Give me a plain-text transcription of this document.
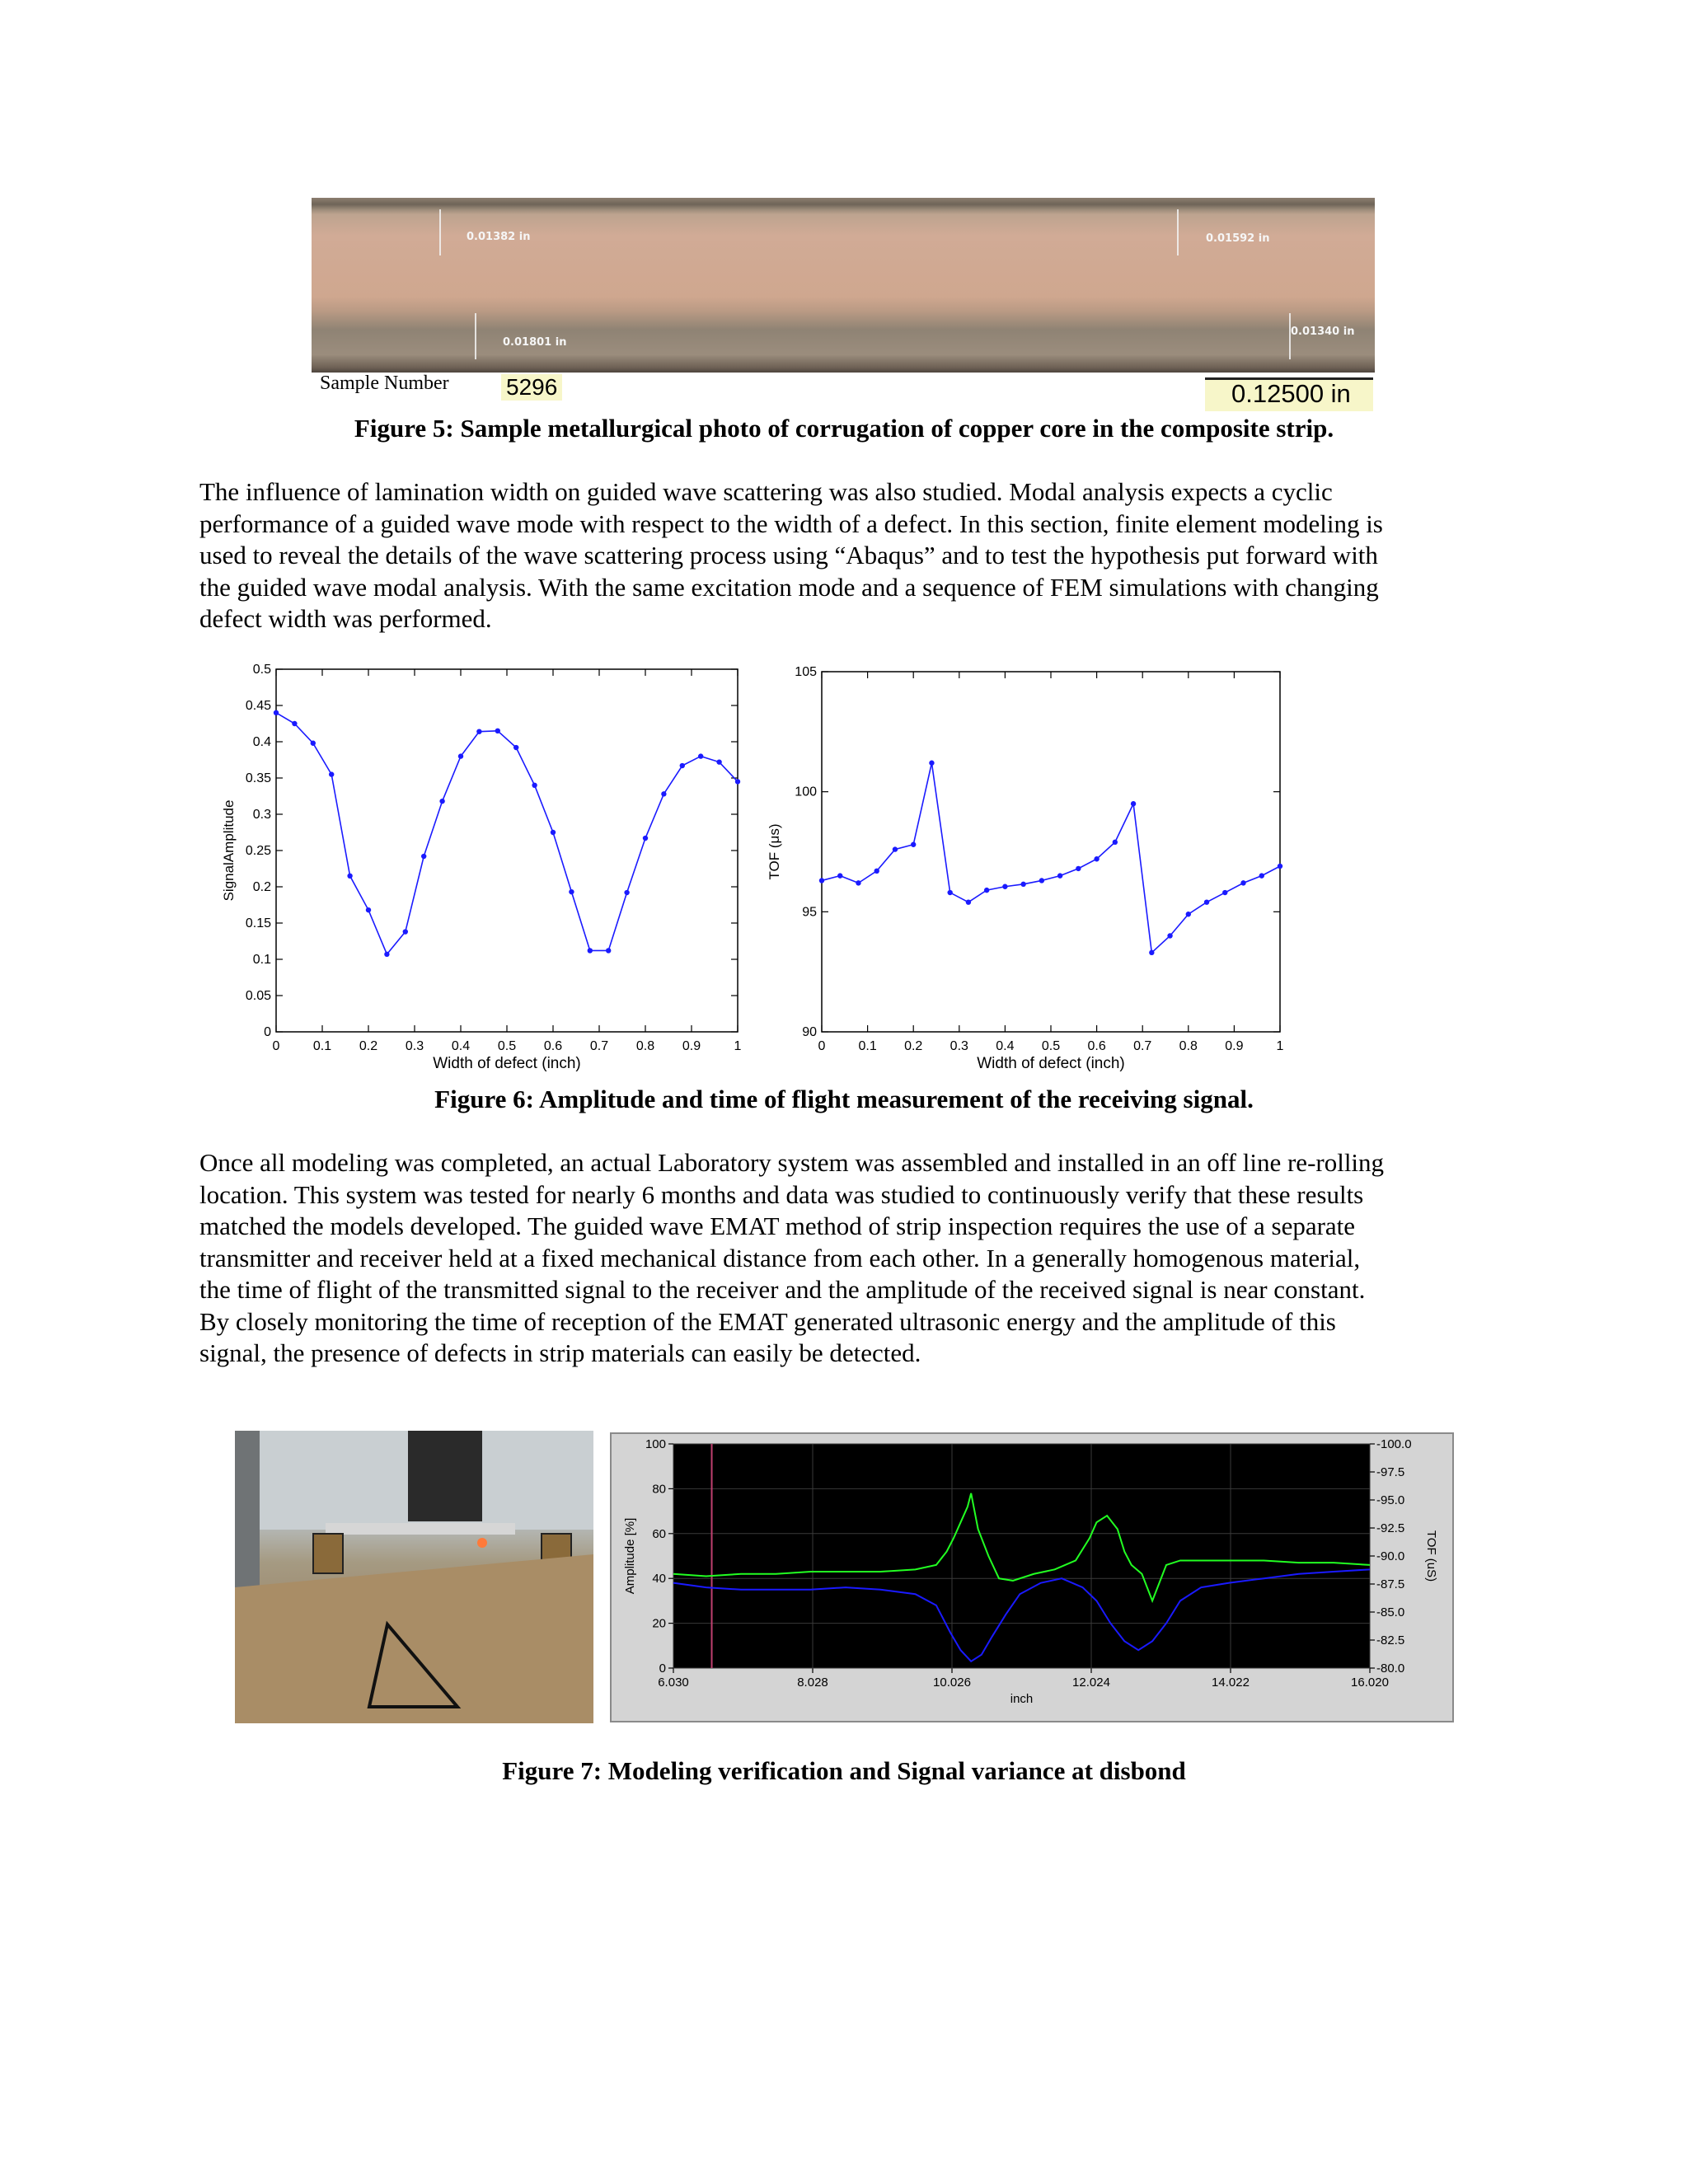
0.01382 in	0.01592 in
0.01801 in
0.01340 in
Sample Number 5296	0.12500 in
Figure 5: Sample metallurgical photo of corrugation of copper core in the composite strip.
The influence of lamination width on guided wave scattering was also studied. Modal analysis expects a cyclic
performance of a guided wave mode with respect to the width of a defect. In this section, finite element modeling is
used to reveal the details of the wave scattering process using “Abaqus” and to test the hypothesis put forward with
the guided wave modal analysis. With the same excitation mode and a sequence of FEM simulations with changing
defect width was performed.
0	0.1 0.2 0.3 0.4 0.5 0.6 0.7 0.8 0.9	1
0
0.05
0.1
0.15
0.2
0.25
0.3
0.35
0.4
0.45
0.5
Width of defect (inch)
SignalAmplitude
0	0.1 0.2 0.3 0.4 0.5 0.6 0.7 0.8 0.9	1
90
95
100
105
Width of defect (inch)
TOF (μs)
Figure 6: Amplitude and time of flight measurement of the receiving signal.
Once all modeling was completed, an actual Laboratory system was assembled and installed in an off line re-rolling
location. This system was tested for nearly 6 months and data was studied to continuously verify that these results
matched the models developed. The guided wave EMAT method of strip inspection requires the use of a separate
transmitter and receiver held at a fixed mechanical distance from each other. In a generally homogenous material,
the time of flight of the transmitted signal to the receiver and the amplitude of the received signal is near constant.
By closely monitoring the time of reception of the EMAT generated ultrasonic energy and the amplitude of this
signal, the presence of defects in strip materials can easily be detected.
6.030	8.028	10.026	12.024	14.022	16.020
0
20
40
60
80
100
-80.0
-82.5
-85.0
-87.5
-90.0
-92.5
-95.0
-97.5
-100.0
inch
Amplitude [%]	TOF (uS)
Figure 7: Modeling verification and Signal variance at disbond
